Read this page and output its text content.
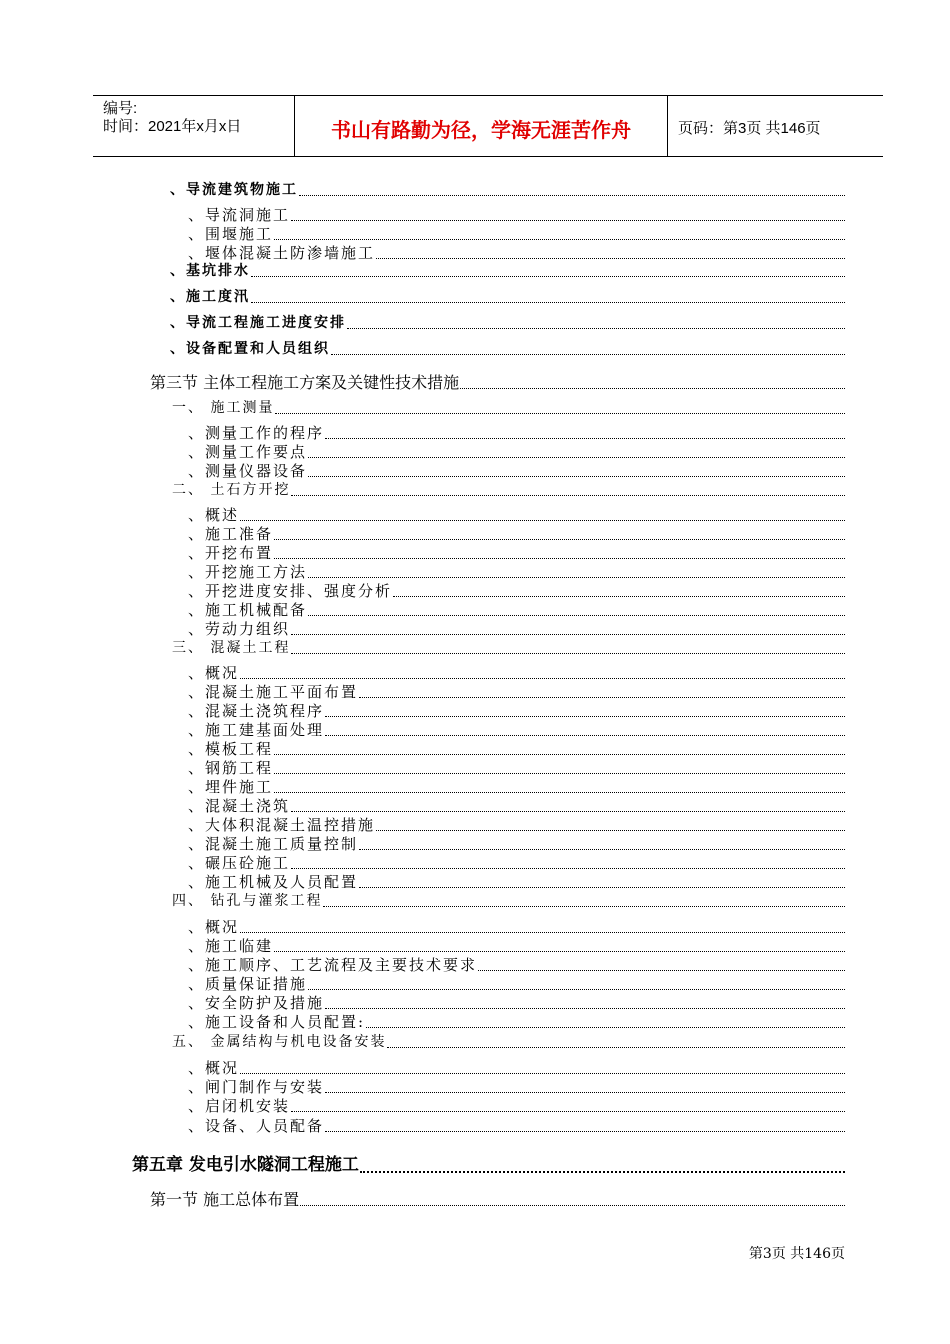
编号:
时间：2021年x月x日	书山有路勤为径，学海无涯苦作舟	页码：第3页 共146页
、导流建筑物施工
、导流洞施工
、围堰施工
、堰体混凝土防渗墙施工
、基坑排水
、施工度汛
、导流工程施工进度安排
、设备配置和人员组织
第三节 主体工程施工方案及关键性技术措施
一、 施工测量
、测量工作的程序
、测量工作要点
、测量仪器设备
二、 土石方开挖
、概述
、施工准备
、开挖布置
、开挖施工方法
、开挖进度安排、强度分析
、施工机械配备
、劳动力组织
三、 混凝土工程
、概况
、混凝土施工平面布置
、混凝土浇筑程序
、施工建基面处理
、模板工程
、钢筋工程
、埋件施工
、混凝土浇筑
、大体积混凝土温控措施
、混凝土施工质量控制
、碾压砼施工
、施工机械及人员配置
四、 钻孔与灌浆工程
、概况
、施工临建
、施工顺序、工艺流程及主要技术要求
、质量保证措施
、安全防护及措施
、施工设备和人员配置:
五、 金属结构与机电设备安装
、概况
、闸门制作与安装
、启闭机安装
、设备、人员配备
第五章 发电引水隧洞工程施工
第一节 施工总体布置
第3页 共146页
